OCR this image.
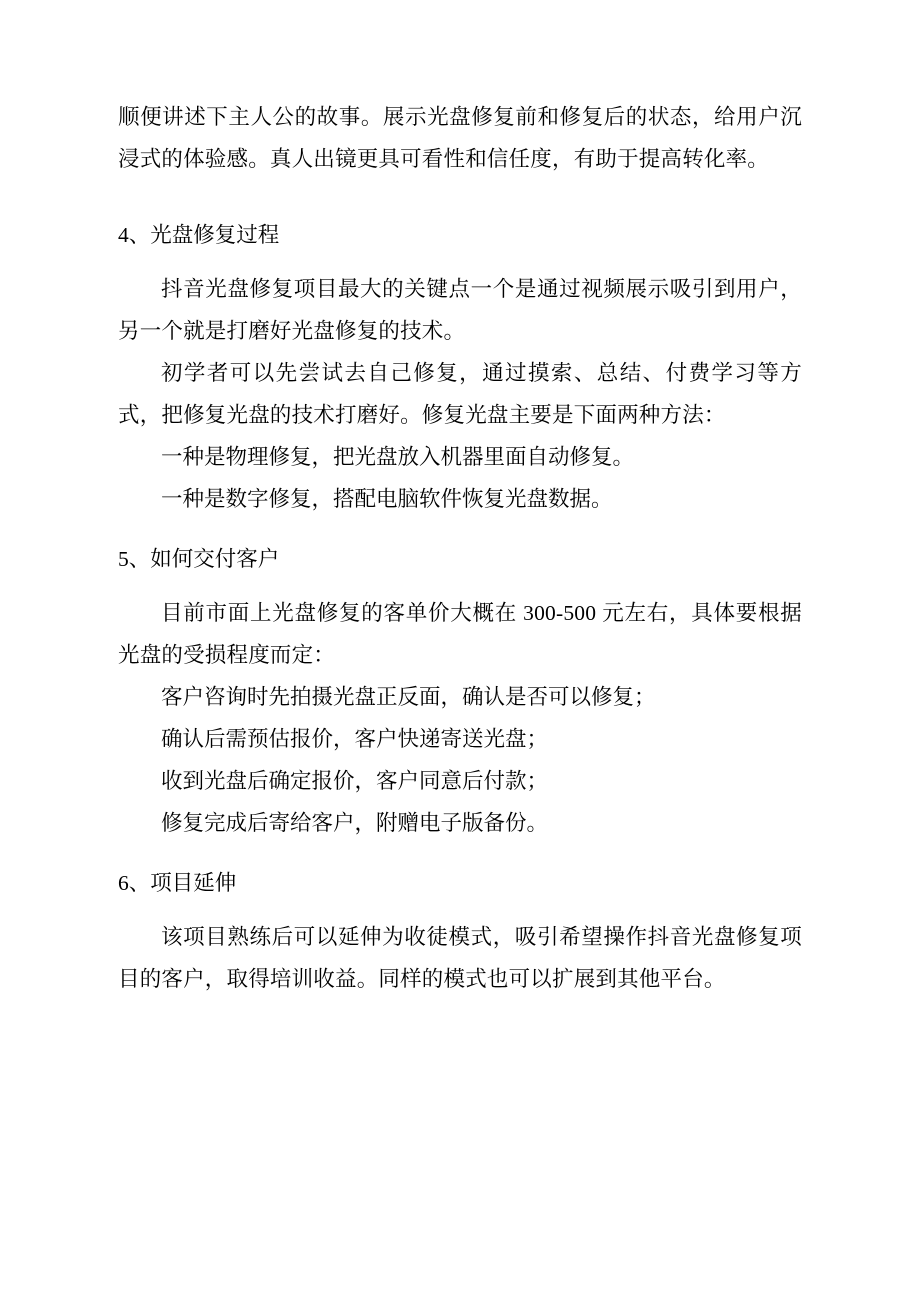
顺便讲述下主人公的故事。展示光盘修复前和修复后的状态，给用户沉浸式的体验感。真人出镜更具可看性和信任度，有助于提高转化率。

4、光盘修复过程

抖音光盘修复项目最大的关键点一个是通过视频展示吸引到用户，另一个就是打磨好光盘修复的技术。

初学者可以先尝试去自己修复，通过摸索、总结、付费学习等方式，把修复光盘的技术打磨好。修复光盘主要是下面两种方法：

一种是物理修复，把光盘放入机器里面自动修复。

一种是数字修复，搭配电脑软件恢复光盘数据。

5、如何交付客户

目前市面上光盘修复的客单价大概在 300-500 元左右，具体要根据光盘的受损程度而定：

客户咨询时先拍摄光盘正反面，确认是否可以修复；

确认后需预估报价，客户快递寄送光盘；

收到光盘后确定报价，客户同意后付款；

修复完成后寄给客户，附赠电子版备份。

6、项目延伸

该项目熟练后可以延伸为收徒模式，吸引希望操作抖音光盘修复项目的客户，取得培训收益。同样的模式也可以扩展到其他平台。
